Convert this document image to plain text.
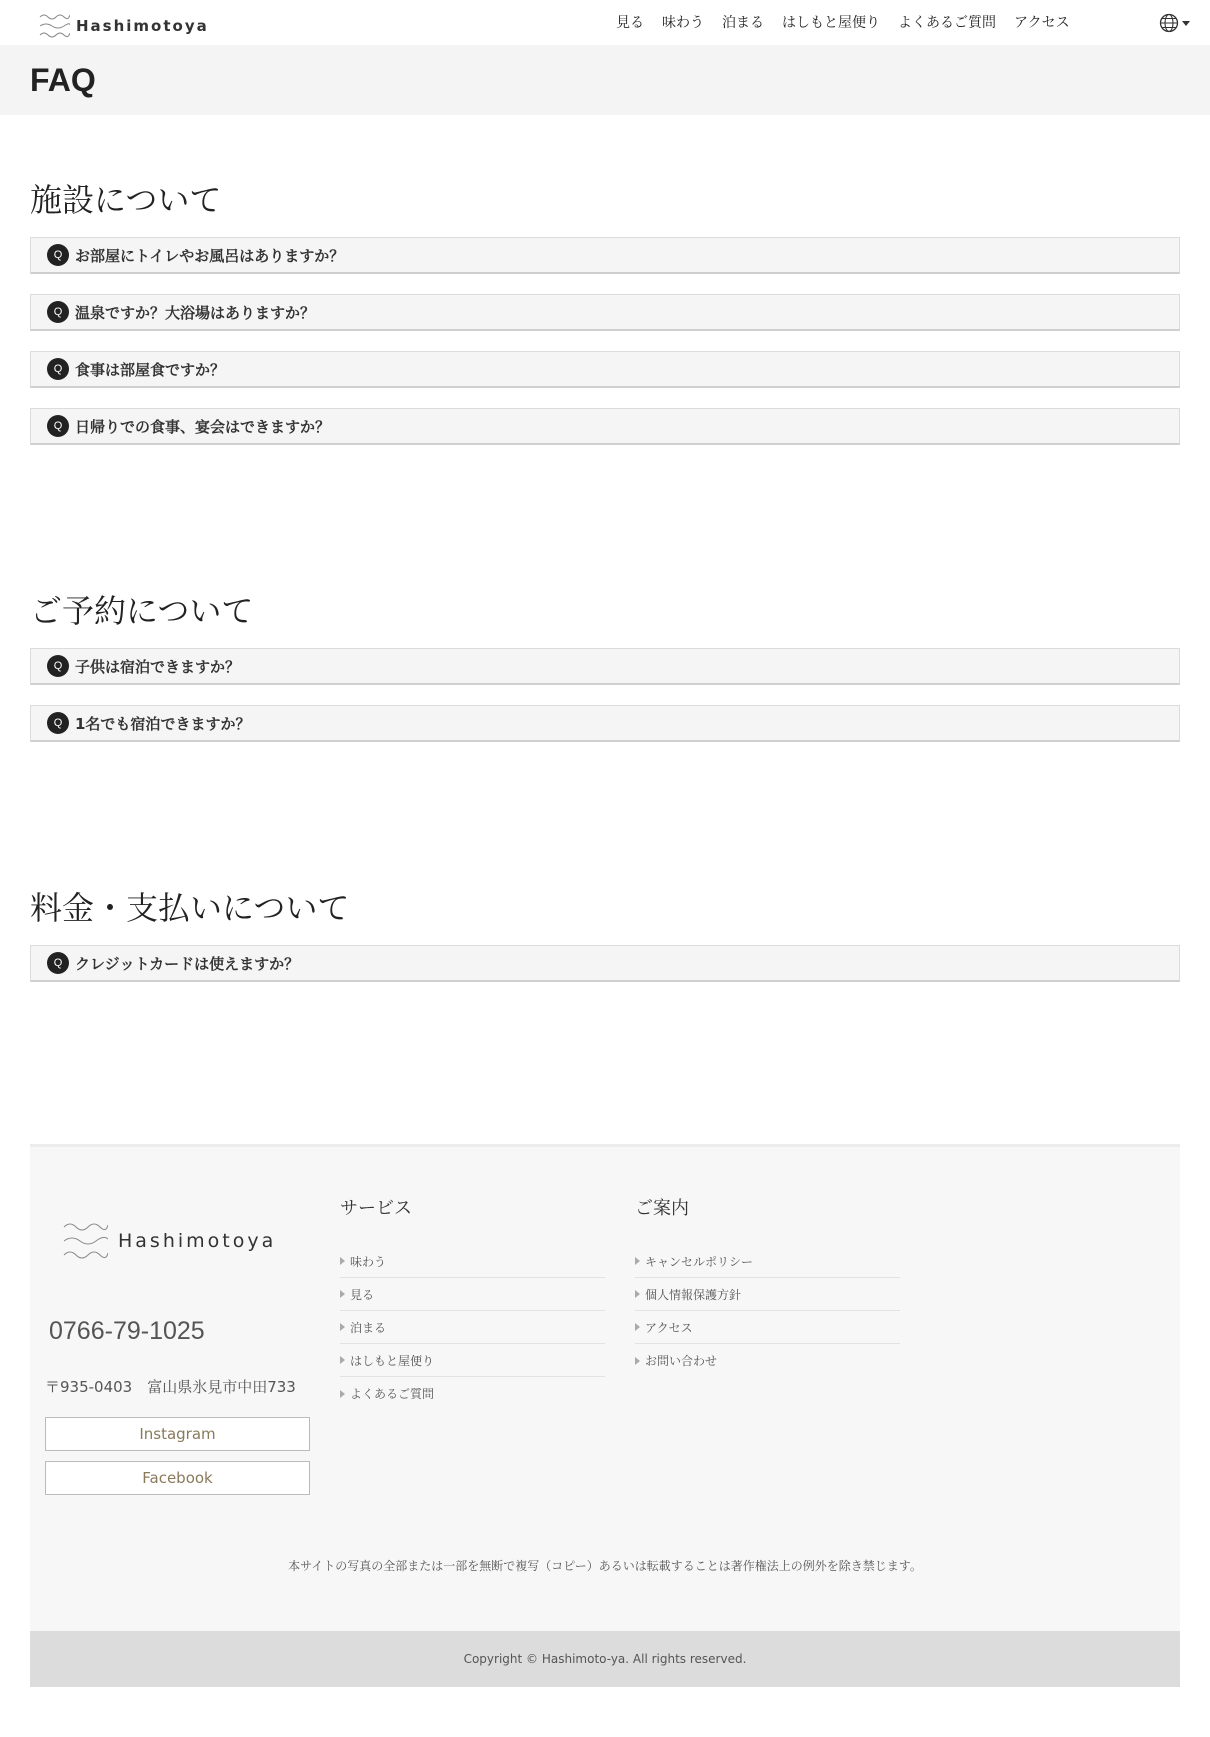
Hashimotoya	見る 味わう 泊まる はしもと屋便り よくあるご質問 アクセス
FAQ
施設について
Q お部屋にトイレやお風呂はありますか？
Q 温泉ですか？大浴場はありますか？
Q 食事は部屋食ですか？
Q 日帰りでの食事、宴会はできますか？
ご予約について
Q 子供は宿泊できますか？
Q 1名でも宿泊できますか？
料金・支払いについて
Q クレジットカードは使えますか？
Hashimotoya
0766-79-1025
〒935-0403　富山県氷見市中田733
Instagram
Facebook
サービス
味わう
見る
泊まる
はしもと屋便り
よくあるご質問
ご案内
キャンセルポリシー
個人情報保護方針
アクセス
お問い合わせ
本サイトの写真の全部または一部を無断で複写（コピー）あるいは転載することは著作権法上の例外を除き禁じます。
Copyright © Hashimoto-ya. All rights reserved.
